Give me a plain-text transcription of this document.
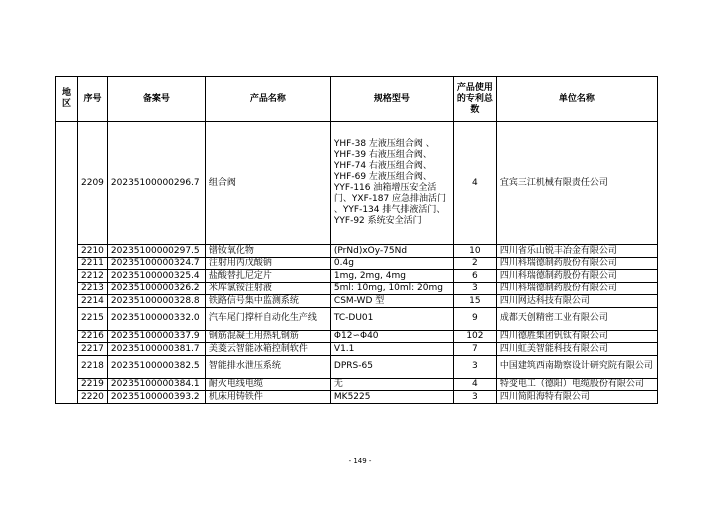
地区	序号	备案号	产品名称	规格型号	产品使用的专利总数	单位名称
	2209	20235100000296.7	组合阀	YHF-38 左液压组合阀 、YHF-39 右液压组合阀、YHF-74 右液压组合阀、YHF-69 左液压组合阀、YYF-116 油箱增压安全活门、YXF-187 应急排油活门 、YYF-134 排气排液活门、YYF-92 系统安全活门	4	宜宾三江机械有限责任公司
	2210	20235100000297.5	镨钕氧化物	(PrNd)xOy-75Nd	10	四川省乐山锐丰冶金有限公司
	2211	20235100000324.7	注射用丙戊酸钠	0.4g	2	四川科瑞德制药股份有限公司
	2212	20235100000325.4	盐酸替扎尼定片	1mg, 2mg, 4mg	6	四川科瑞德制药股份有限公司
	2213	20235100000326.2	米库氯铵注射液	5ml: 10mg, 10ml: 20mg	3	四川科瑞德制药股份有限公司
	2214	20235100000328.8	铁路信号集中监测系统	CSM-WD 型	15	四川网达科技有限公司
	2215	20235100000332.0	汽车尾门撑杆自动化生产线	TC-DU01	9	成都天创精密工业有限公司
	2216	20235100000337.9	钢筋混凝土用热轧钢筋	Φ12∽Φ40	102	四川德胜集团钒钛有限公司
	2217	20235100000381.7	美菱云智能冰箱控制软件	V1.1	7	四川虹美智能科技有限公司
	2218	20235100000382.5	智能排水泄压系统	DPRS-65	3	中国建筑西南勘察设计研究院有限公司
	2219	20235100000384.1	耐火电线电缆	无	4	特变电工（德阳）电缆股份有限公司
	2220	20235100000393.2	机床用铸铁件	MK5225	3	四川简阳海特有限公司
- 149 -
